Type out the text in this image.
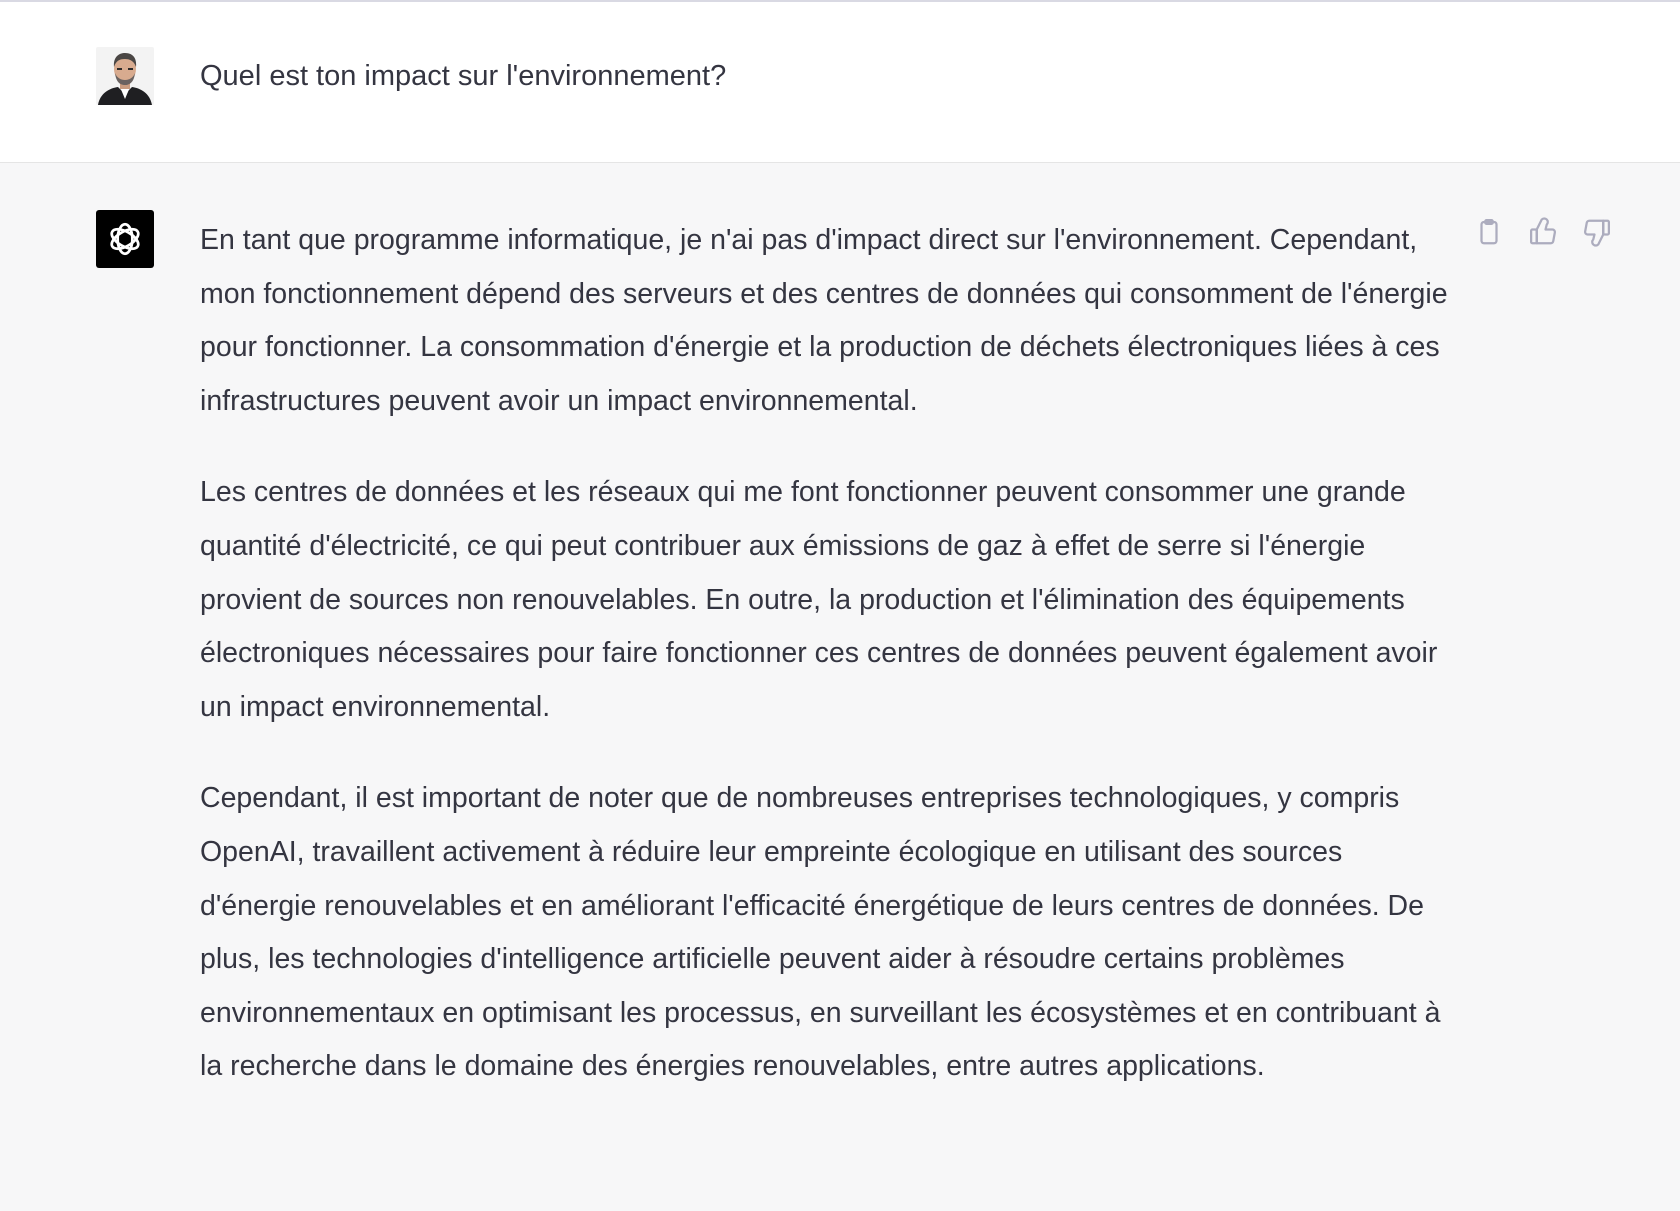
Quel est ton impact sur l'environnement?

En tant que programme informatique, je n'ai pas d'impact direct sur l'environnement. Cependant, mon fonctionnement dépend des serveurs et des centres de données qui consomment de l'énergie pour fonctionner. La consommation d'énergie et la production de déchets électroniques liées à ces infrastructures peuvent avoir un impact environnemental.

Les centres de données et les réseaux qui me font fonctionner peuvent consommer une grande quantité d'électricité, ce qui peut contribuer aux émissions de gaz à effet de serre si l'énergie provient de sources non renouvelables. En outre, la production et l'élimination des équipements électroniques nécessaires pour faire fonctionner ces centres de données peuvent également avoir un impact environnemental.

Cependant, il est important de noter que de nombreuses entreprises technologiques, y compris OpenAI, travaillent activement à réduire leur empreinte écologique en utilisant des sources d'énergie renouvelables et en améliorant l'efficacité énergétique de leurs centres de données. De plus, les technologies d'intelligence artificielle peuvent aider à résoudre certains problèmes environnementaux en optimisant les processus, en surveillant les écosystèmes et en contribuant à la recherche dans le domaine des énergies renouvelables, entre autres applications.
